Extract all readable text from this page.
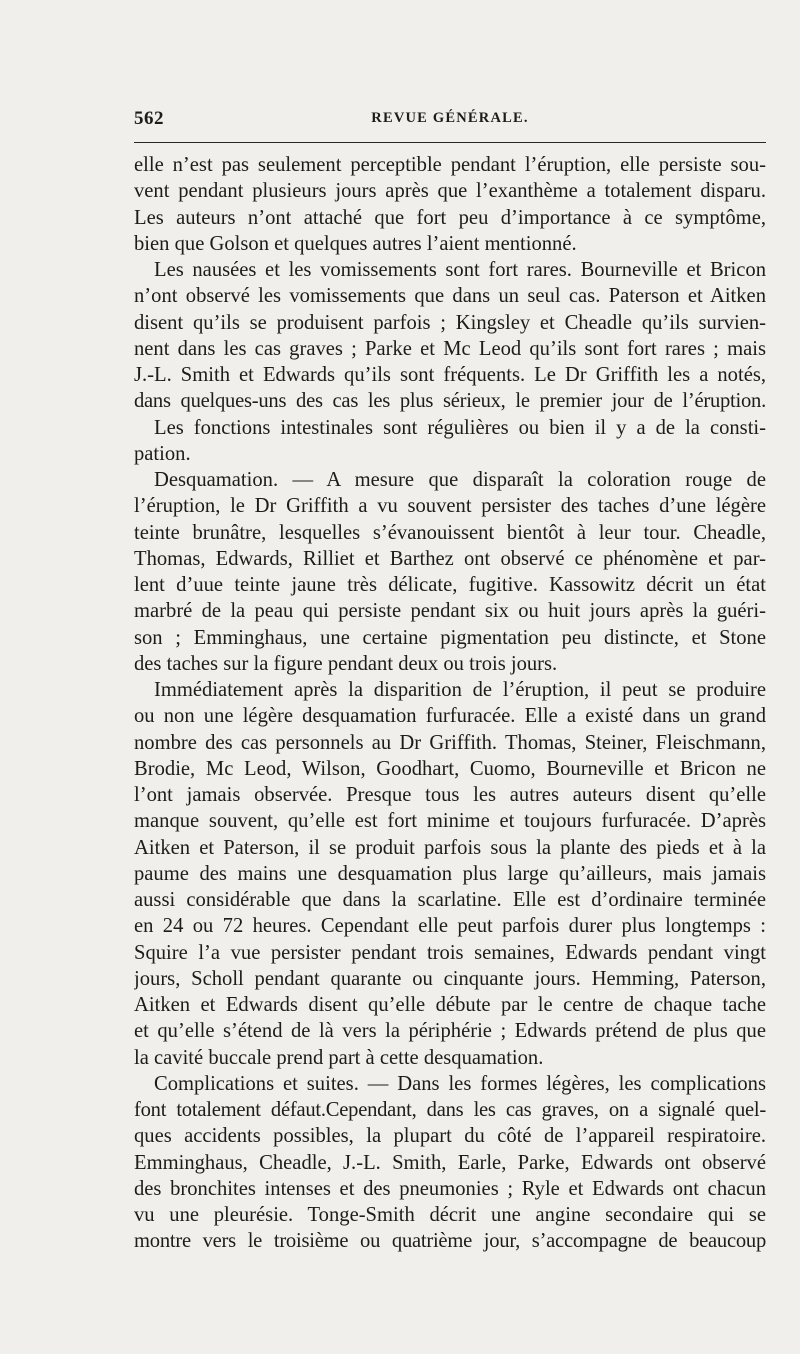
562	REVUE GÉNÉRALE.
elle n’est pas seulement perceptible pendant l’éruption, elle persiste sou-
vent pendant plusieurs jours après que l’exanthème a totalement disparu.
Les auteurs n’ont attaché que fort peu d’importance à ce symptôme,
bien que Golson et quelques autres l’aient mentionné.
Les nausées et les vomissements sont fort rares. Bourneville et Bricon
n’ont observé les vomissements que dans un seul cas. Paterson et Aitken
disent qu’ils se produisent parfois ; Kingsley et Cheadle qu’ils survien-
nent dans les cas graves ; Parke et Mc Leod qu’ils sont fort rares ; mais
J.-L. Smith et Edwards qu’ils sont fréquents. Le Dr Griffith les a notés,
dans quelques-uns des cas les plus sérieux, le premier jour de l’éruption.
Les fonctions intestinales sont régulières ou bien il y a de la consti-
pation.
Desquamation. — A mesure que disparaît la coloration rouge de
l’éruption, le Dr Griffith a vu souvent persister des taches d’une légère
teinte brunâtre, lesquelles s’évanouissent bientôt à leur tour. Cheadle,
Thomas, Edwards, Rilliet et Barthez ont observé ce phénomène et par-
lent d’uue teinte jaune très délicate, fugitive. Kassowitz décrit un état
marbré de la peau qui persiste pendant six ou huit jours après la guéri-
son ; Emminghaus, une certaine pigmentation peu distincte, et Stone
des taches sur la figure pendant deux ou trois jours.
Immédiatement après la disparition de l’éruption, il peut se produire
ou non une légère desquamation furfuracée. Elle a existé dans un grand
nombre des cas personnels au Dr Griffith. Thomas, Steiner, Fleischmann,
Brodie, Mc Leod, Wilson, Goodhart, Cuomo, Bourneville et Bricon ne
l’ont jamais observée. Presque tous les autres auteurs disent qu’elle
manque souvent, qu’elle est fort minime et toujours furfuracée. D’après
Aitken et Paterson, il se produit parfois sous la plante des pieds et à la
paume des mains une desquamation plus large qu’ailleurs, mais jamais
aussi considérable que dans la scarlatine. Elle est d’ordinaire terminée
en 24 ou 72 heures. Cependant elle peut parfois durer plus longtemps :
Squire l’a vue persister pendant trois semaines, Edwards pendant vingt
jours, Scholl pendant quarante ou cinquante jours. Hemming, Paterson,
Aitken et Edwards disent qu’elle débute par le centre de chaque tache
et qu’elle s’étend de là vers la périphérie ; Edwards prétend de plus que
la cavité buccale prend part à cette desquamation.
Complications et suites. — Dans les formes légères, les complications
font totalement défaut.Cependant, dans les cas graves, on a signalé quel-
ques accidents possibles, la plupart du côté de l’appareil respiratoire.
Emminghaus, Cheadle, J.-L. Smith, Earle, Parke, Edwards ont observé
des bronchites intenses et des pneumonies ; Ryle et Edwards ont chacun
vu une pleurésie. Tonge-Smith décrit une angine secondaire qui se
montre vers le troisième ou quatrième jour, s’accompagne de beaucoup
